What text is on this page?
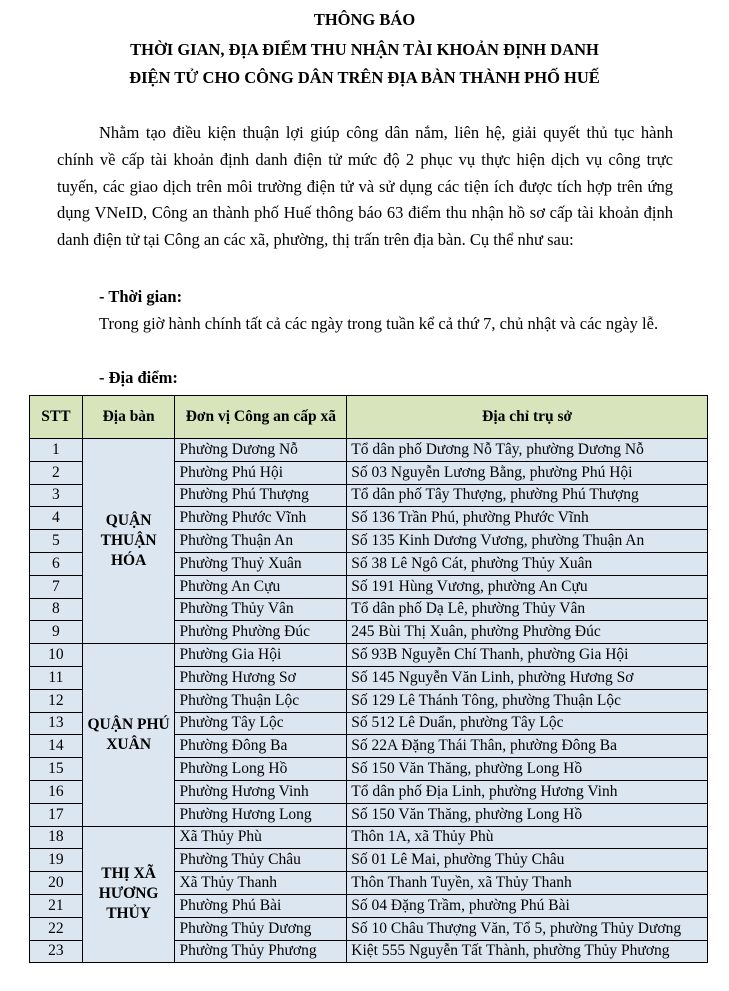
THÔNG BÁO
THỜI GIAN, ĐỊA ĐIỂM THU NHẬN TÀI KHOẢN ĐỊNH DANH
ĐIỆN TỬ CHO CÔNG DÂN TRÊN ĐỊA BÀN THÀNH PHỐ HUẾ

Nhằm tạo điều kiện thuận lợi giúp công dân nắm, liên hệ, giải quyết thủ tục hành chính về cấp tài khoản định danh điện tử mức độ 2 phục vụ thực hiện dịch vụ công trực tuyến, các giao dịch trên môi trường điện tử và sử dụng các tiện ích được tích hợp trên ứng dụng VNeID, Công an thành phố Huế thông báo 63 điểm thu nhận hồ sơ cấp tài khoản định danh điện tử tại Công an các xã, phường, thị trấn trên địa bàn. Cụ thể như sau:

- Thời gian:

Trong giờ hành chính tất cả các ngày trong tuần kể cả thứ 7, chủ nhật và các ngày lễ.

- Địa điểm:
STT	Địa bàn	Đơn vị Công an cấp xã	Địa chỉ trụ sở
1	QUẬN THUẬN HÓA	Phường Dương Nỗ	Tổ dân phố Dương Nỗ Tây, phường Dương Nỗ
2		Phường Phú Hội	Số 03 Nguyễn Lương Bằng, phường Phú Hội
3		Phường Phú Thượng	Tổ dân phố Tây Thượng, phường Phú Thượng
4		Phường Phước Vĩnh	Số 136 Trần Phú, phường Phước Vĩnh
5		Phường Thuận An	Số 135 Kinh Dương Vương, phường Thuận An
6		Phường Thuỷ Xuân	Số 38 Lê Ngô Cát, phường Thủy Xuân
7		Phường An Cựu	Số 191 Hùng Vương, phường An Cựu
8		Phường Thủy Vân	Tổ dân phố Dạ Lê, phường Thủy Vân
9		Phường Phường Đúc	245 Bùi Thị Xuân, phường Phường Đúc
10	QUẬN PHÚ XUÂN	Phường Gia Hội	Số 93B Nguyễn Chí Thanh, phường Gia Hội
11		Phường Hương Sơ	Số 145 Nguyễn Văn Linh, phường Hương Sơ
12		Phường Thuận Lộc	Số 129 Lê Thánh Tông, phường Thuận Lộc
13		Phường Tây Lộc	Số 512 Lê Duẩn, phường Tây Lộc
14		Phường Đông Ba	Số 22A Đặng Thái Thân, phường Đông Ba
15		Phường Long Hồ	Số 150 Văn Thăng, phường Long Hồ
16		Phường Hương Vinh	Tổ dân phố Địa Linh, phường Hương Vinh
17		Phường Hương Long	Số 150 Văn Thăng, phường Long Hồ
18	THỊ XÃ HƯƠNG THỦY	Xã Thủy Phù	Thôn 1A, xã Thủy Phù
19		Phường Thủy Châu	Số 01 Lê Mai, phường Thủy Châu
20		Xã Thủy Thanh	Thôn Thanh Tuyền, xã Thủy Thanh
21		Phường Phú Bài	Số 04 Đặng Trầm, phường Phú Bài
22		Phường Thủy Dương	Số 10 Châu Thượng Văn, Tổ 5, phường Thủy Dương
23		Phường Thủy Phương	Kiệt 555 Nguyễn Tất Thành, phường Thủy Phương
